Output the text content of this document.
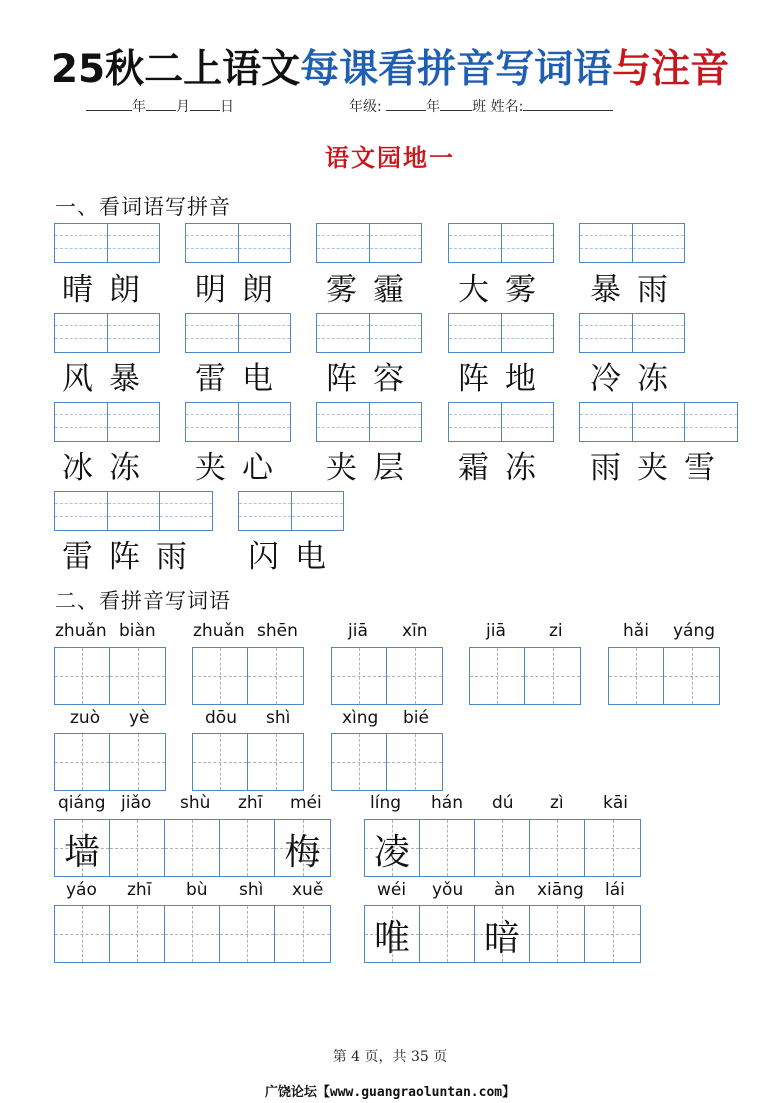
25秋二上语文每课看拼音写词语与注音
年 月 日	年级:	年 班 姓名:
语文园地一
一、看词语写拼音
晴朗 明朗 雾霾 大雾 暴雨
风暴 雷电 阵容 阵地 冷冻
冰冻 夹心 夹层 霜冻 雨夹雪
雷阵雨 闪电
二、看拼音写词语
zhuǎn biàn zhuǎn shēn	jiā xīn	jiā	zi	hǎi yáng
zuò yè	dōu shì	xìng bié
qiáng jiǎo shù zhī méi	líng hán dú zì kāi
墙	梅 凌
yáo zhī bù shì xuě	wéi yǒu àn xiāng lái
唯 暗
第 4 页，共 35 页
广饶论坛【www.guangraoluntan.com】
